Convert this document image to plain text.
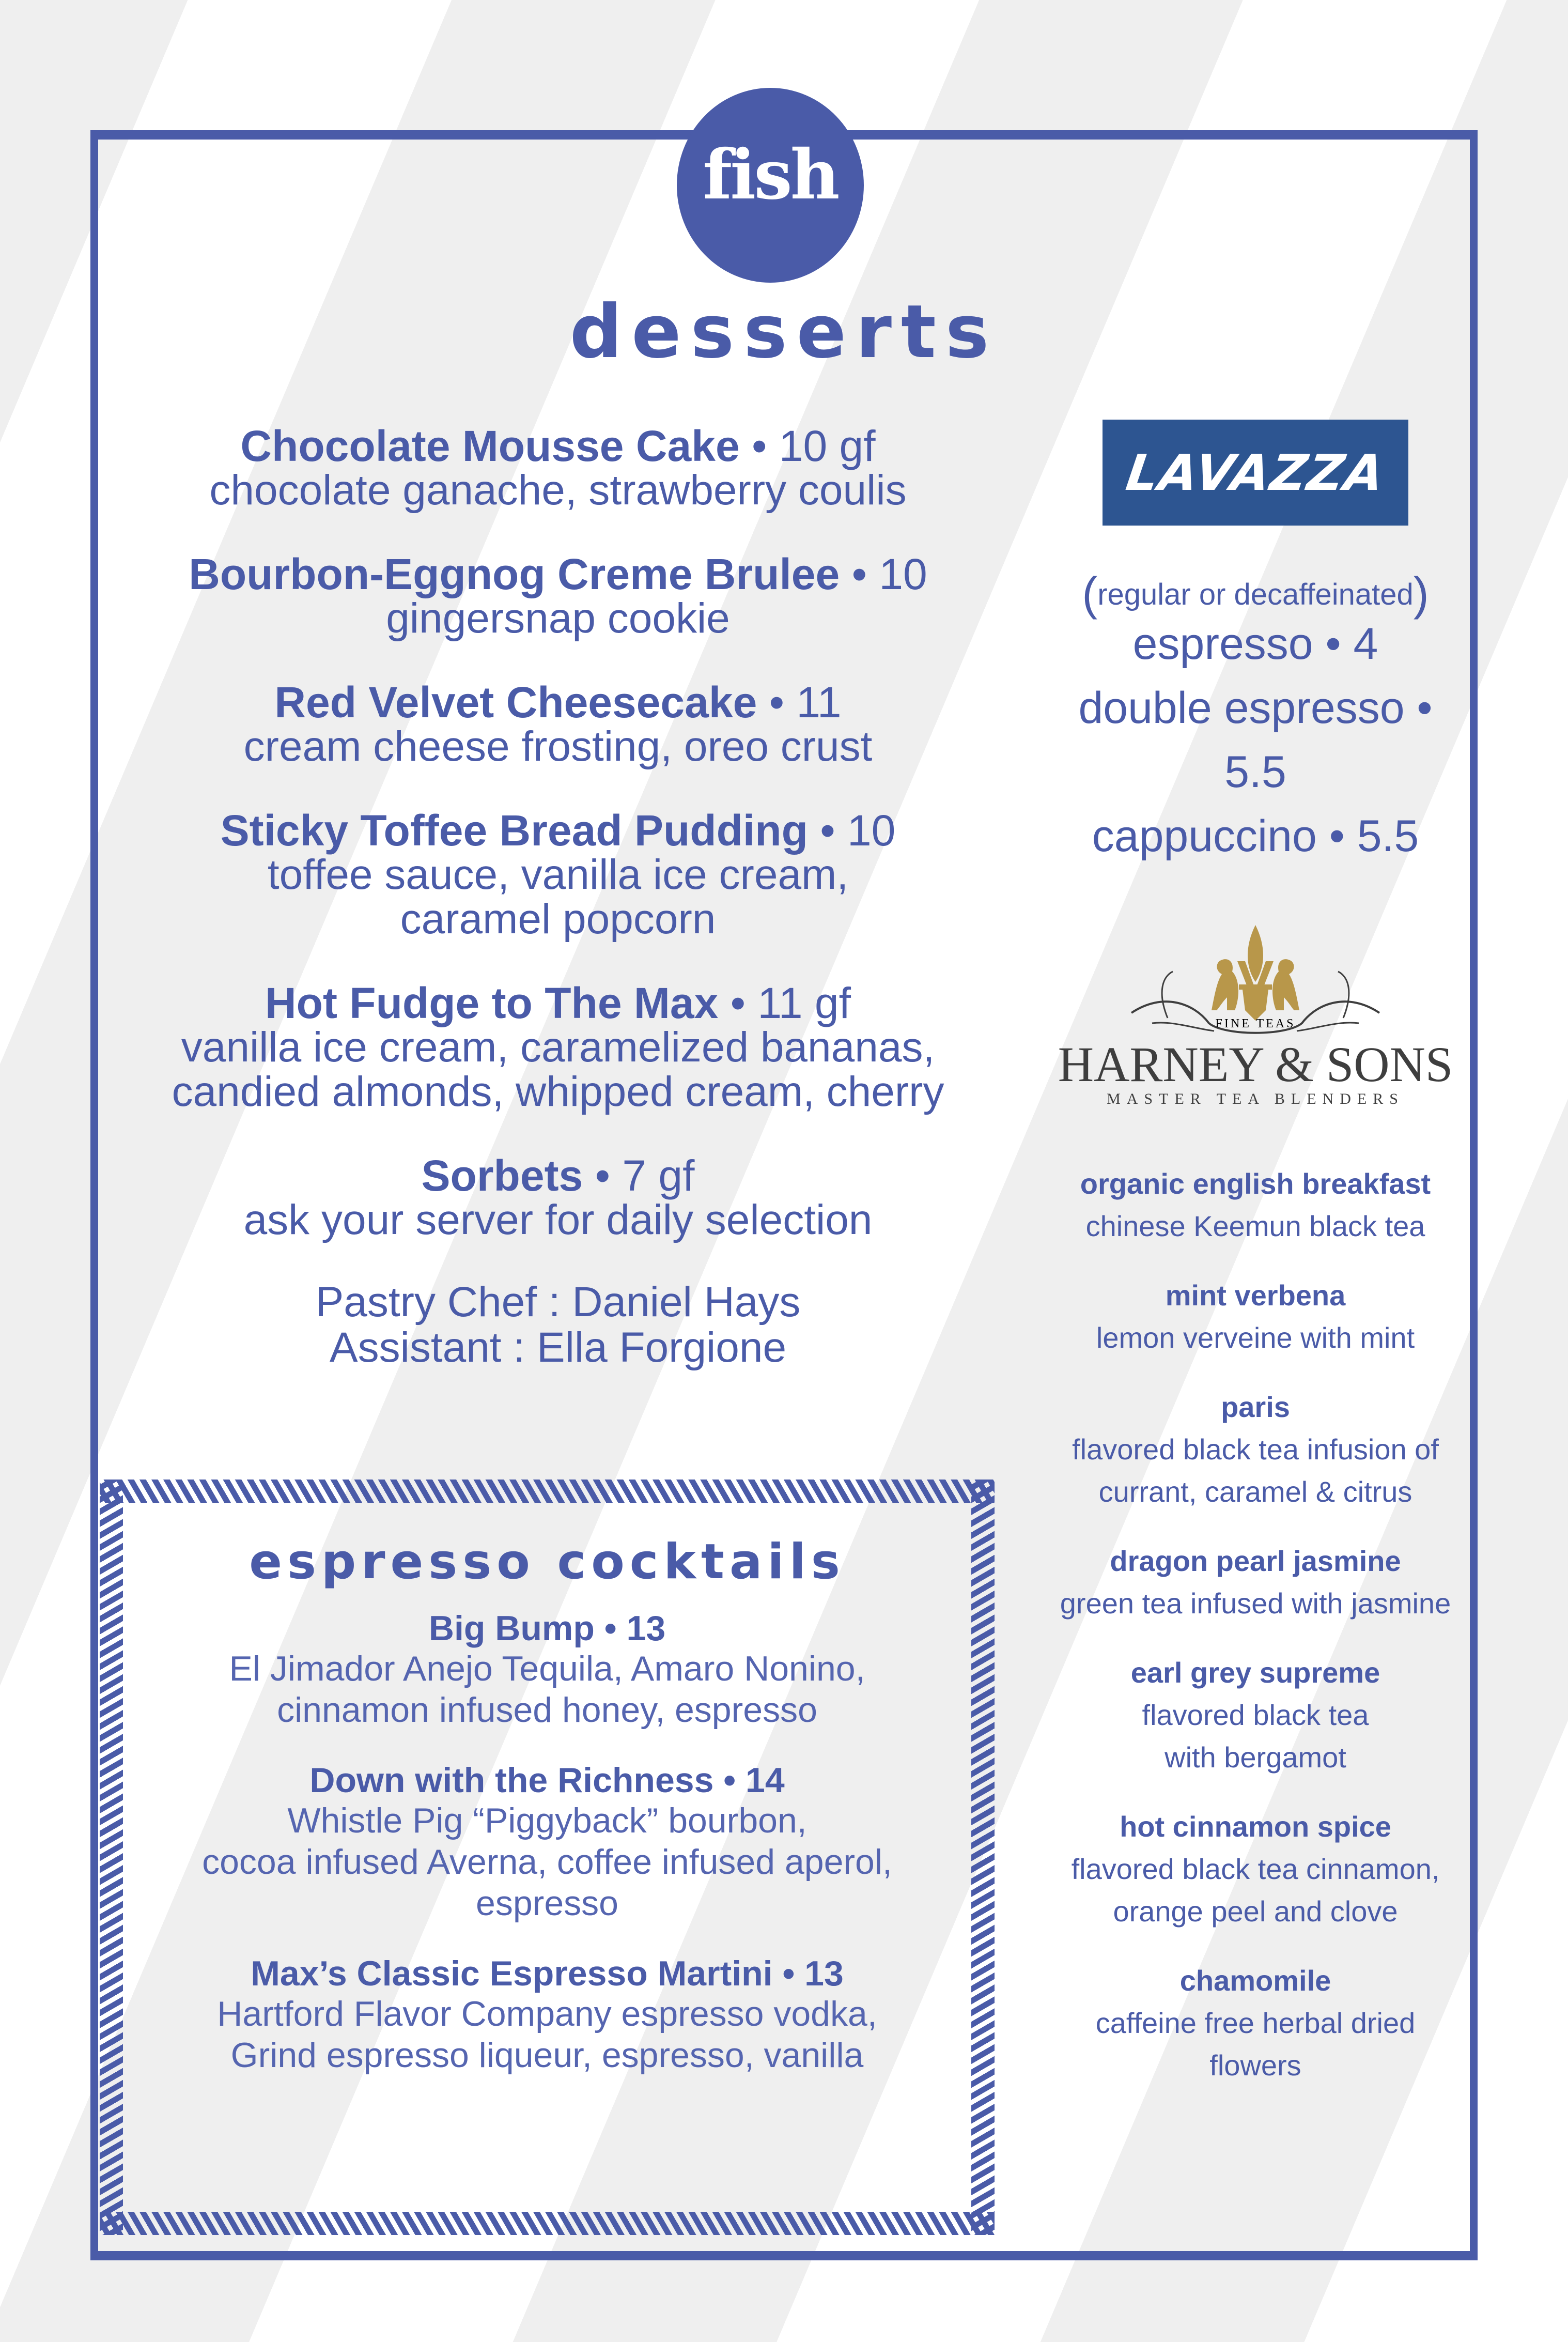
fish
desserts
Chocolate Mousse Cake • 10 gf
chocolate ganache, strawberry coulis
Bourbon-Eggnog Creme Brulee • 10
gingersnap cookie
Red Velvet Cheesecake • 11
cream cheese frosting, oreo crust
Sticky Toffee Bread Pudding • 10
toffee sauce, vanilla ice cream,
caramel popcorn
Hot Fudge to The Max • 11 gf
vanilla ice cream, caramelized bananas,
candied almonds, whipped cream, cherry
Sorbets • 7 gf
ask your server for daily selection
Pastry Chef : Daniel Hays
Assistant : Ella Forgione
espresso cocktails
Big Bump • 13
El Jimador Anejo Tequila, Amaro Nonino,
cinnamon infused honey, espresso
Down with the Richness • 14
Whistle Pig “Piggyback” bourbon,
cocoa infused Averna, coffee infused aperol,
espresso
Max’s Classic Espresso Martini • 13
Hartford Flavor Company espresso vodka,
Grind espresso liqueur, espresso, vanilla
LAVAZZA
(regular or decaffeinated)
espresso • 4
double espresso •
5.5
cappuccino • 5.5
FINE TEAS
HARNEY & SONS
MASTER TEA BLENDERS
organic english breakfast
chinese Keemun black tea
mint verbena
lemon verveine with mint
paris
flavored black tea infusion of
currant, caramel & citrus
dragon pearl jasmine
green tea infused with jasmine
earl grey supreme
flavored black tea
with bergamot
hot cinnamon spice
flavored black tea cinnamon,
orange peel and clove
chamomile
caffeine free herbal dried
flowers
